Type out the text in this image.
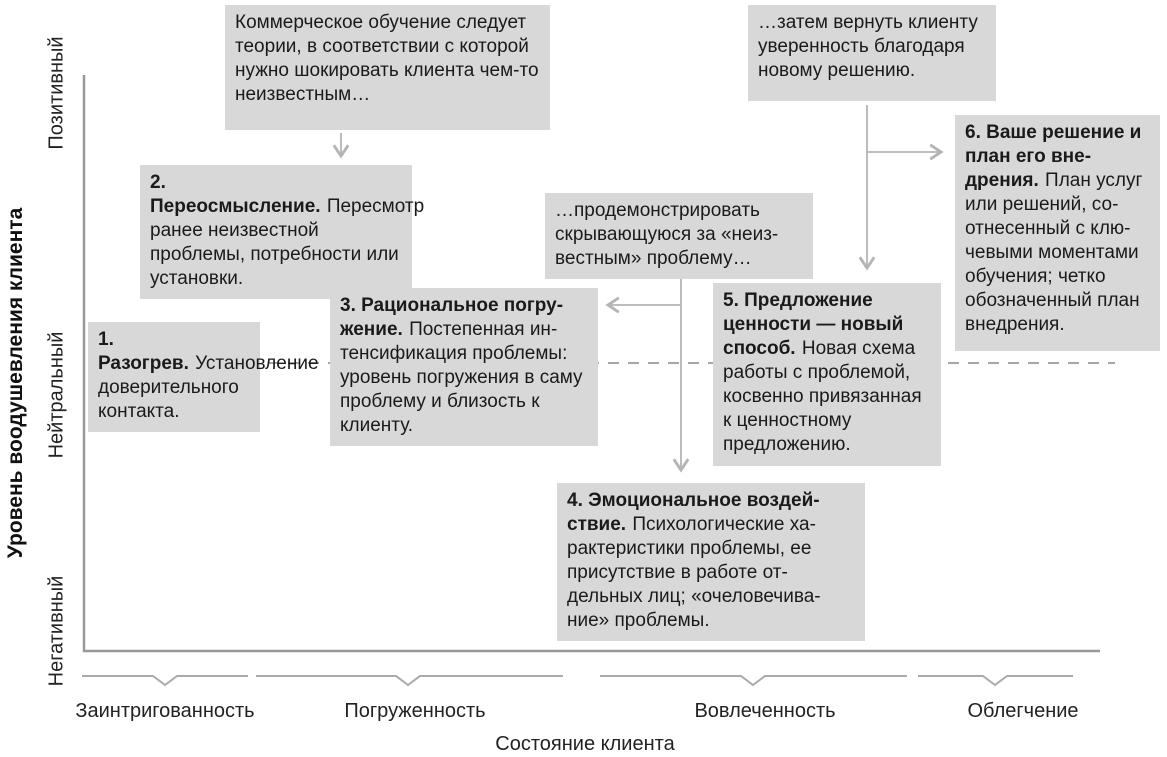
Уровень воодушевления клиента
Позитивный
Нейтральный
Негативный
Коммерческое обучение следует теории, в соответствии с которой нужно шокировать клиента чем-то неизвестным…
…затем вернуть клиенту уверенность благодаря новому решению.
…продемонстрировать скрывающуюся за «неизвестным» проблему…
1. Разогрев. Установление доверительного контакта.
2. Переосмысление. Пересмотр ранее неизвестной проблемы, потребности или установки.
3. Рациональное погружение. Постепенная интенсификация проблемы: уровень погружения в саму проблему и близость к клиенту.
4. Эмоциональное воздействие. Психологические характеристики проблемы, ее присутствие в работе отдельных лиц; «очеловечивание» проблемы.
5. Предложение ценности — новый способ. Новая схема работы с проблемой, косвенно привязанная к ценностному предложению.
6. Ваше решение и план его внедрения. План услуг или решений, соотнесенный с ключевыми моментами обучения; четко обозначенный план внедрения.
Заинтригованность	Погруженность	Вовлеченность	Облегчение
Состояние клиента
